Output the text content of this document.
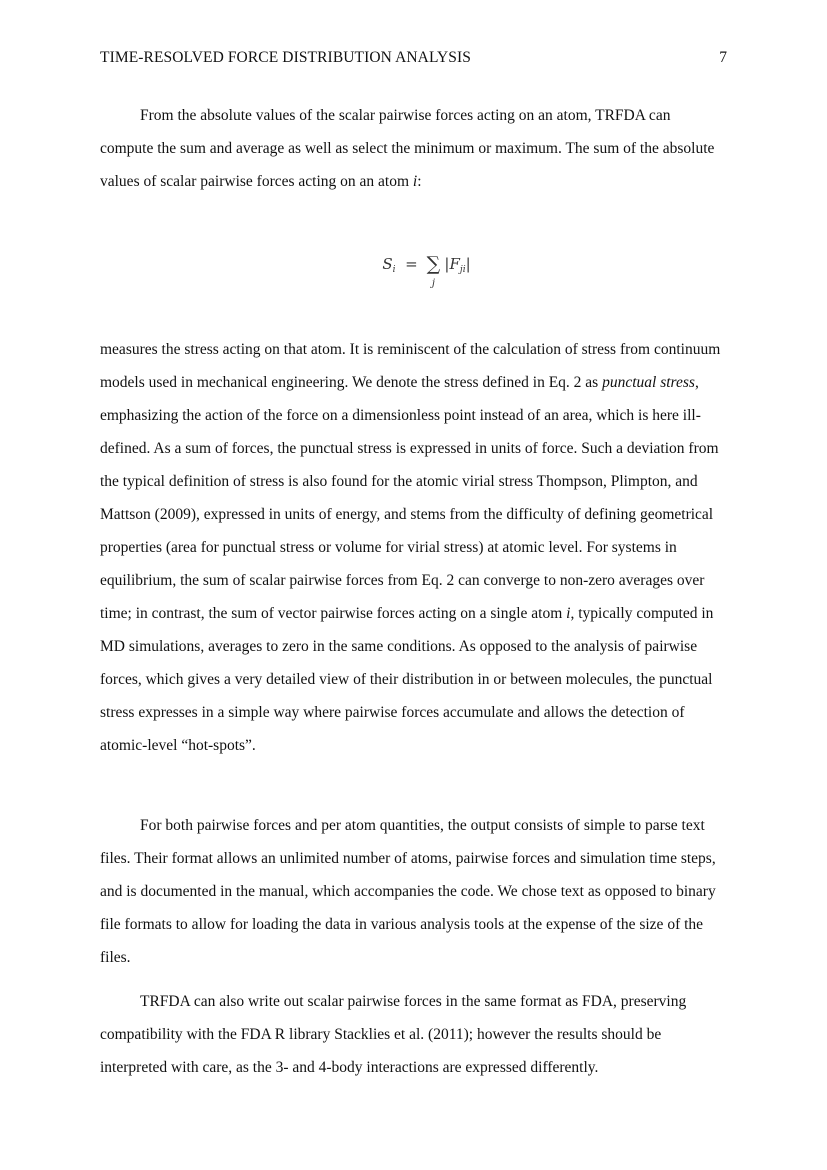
TIME-RESOLVED FORCE DISTRIBUTION ANALYSIS	7

From the absolute values of the scalar pairwise forces acting on an atom, TRFDA can compute the sum and average as well as select the minimum or maximum. The sum of the absolute values of scalar pairwise forces acting on an atom i:

$S_i$ = ∑
j
$|F_{ji}|$

measures the stress acting on that atom. It is reminiscent of the calculation of stress from continuum models used in mechanical engineering. We denote the stress defined in Eq. 2 as punctual stress, emphasizing the action of the force on a dimensionless point instead of an area, which is here ill-defined. As a sum of forces, the punctual stress is expressed in units of force. Such a deviation from the typical definition of stress is also found for the atomic virial stress Thompson, Plimpton, and Mattson (2009), expressed in units of energy, and stems from the difficulty of defining geometrical properties (area for punctual stress or volume for virial stress) at atomic level. For systems in equilibrium, the sum of scalar pairwise forces from Eq. 2 can converge to non-zero averages over time; in contrast, the sum of vector pairwise forces acting on a single atom i, typically computed in MD simulations, averages to zero in the same conditions. As opposed to the analysis of pairwise forces, which gives a very detailed view of their distribution in or between molecules, the punctual stress expresses in a simple way where pairwise forces accumulate and allows the detection of atomic-level “hot-spots”.

For both pairwise forces and per atom quantities, the output consists of simple to parse text files. Their format allows an unlimited number of atoms, pairwise forces and simulation time steps, and is documented in the manual, which accompanies the code. We chose text as opposed to binary file formats to allow for loading the data in various analysis tools at the expense of the size of the files.

TRFDA can also write out scalar pairwise forces in the same format as FDA, preserving compatibility with the FDA R library Stacklies et al. (2011); however the results should be interpreted with care, as the 3- and 4-body interactions are expressed differently.
